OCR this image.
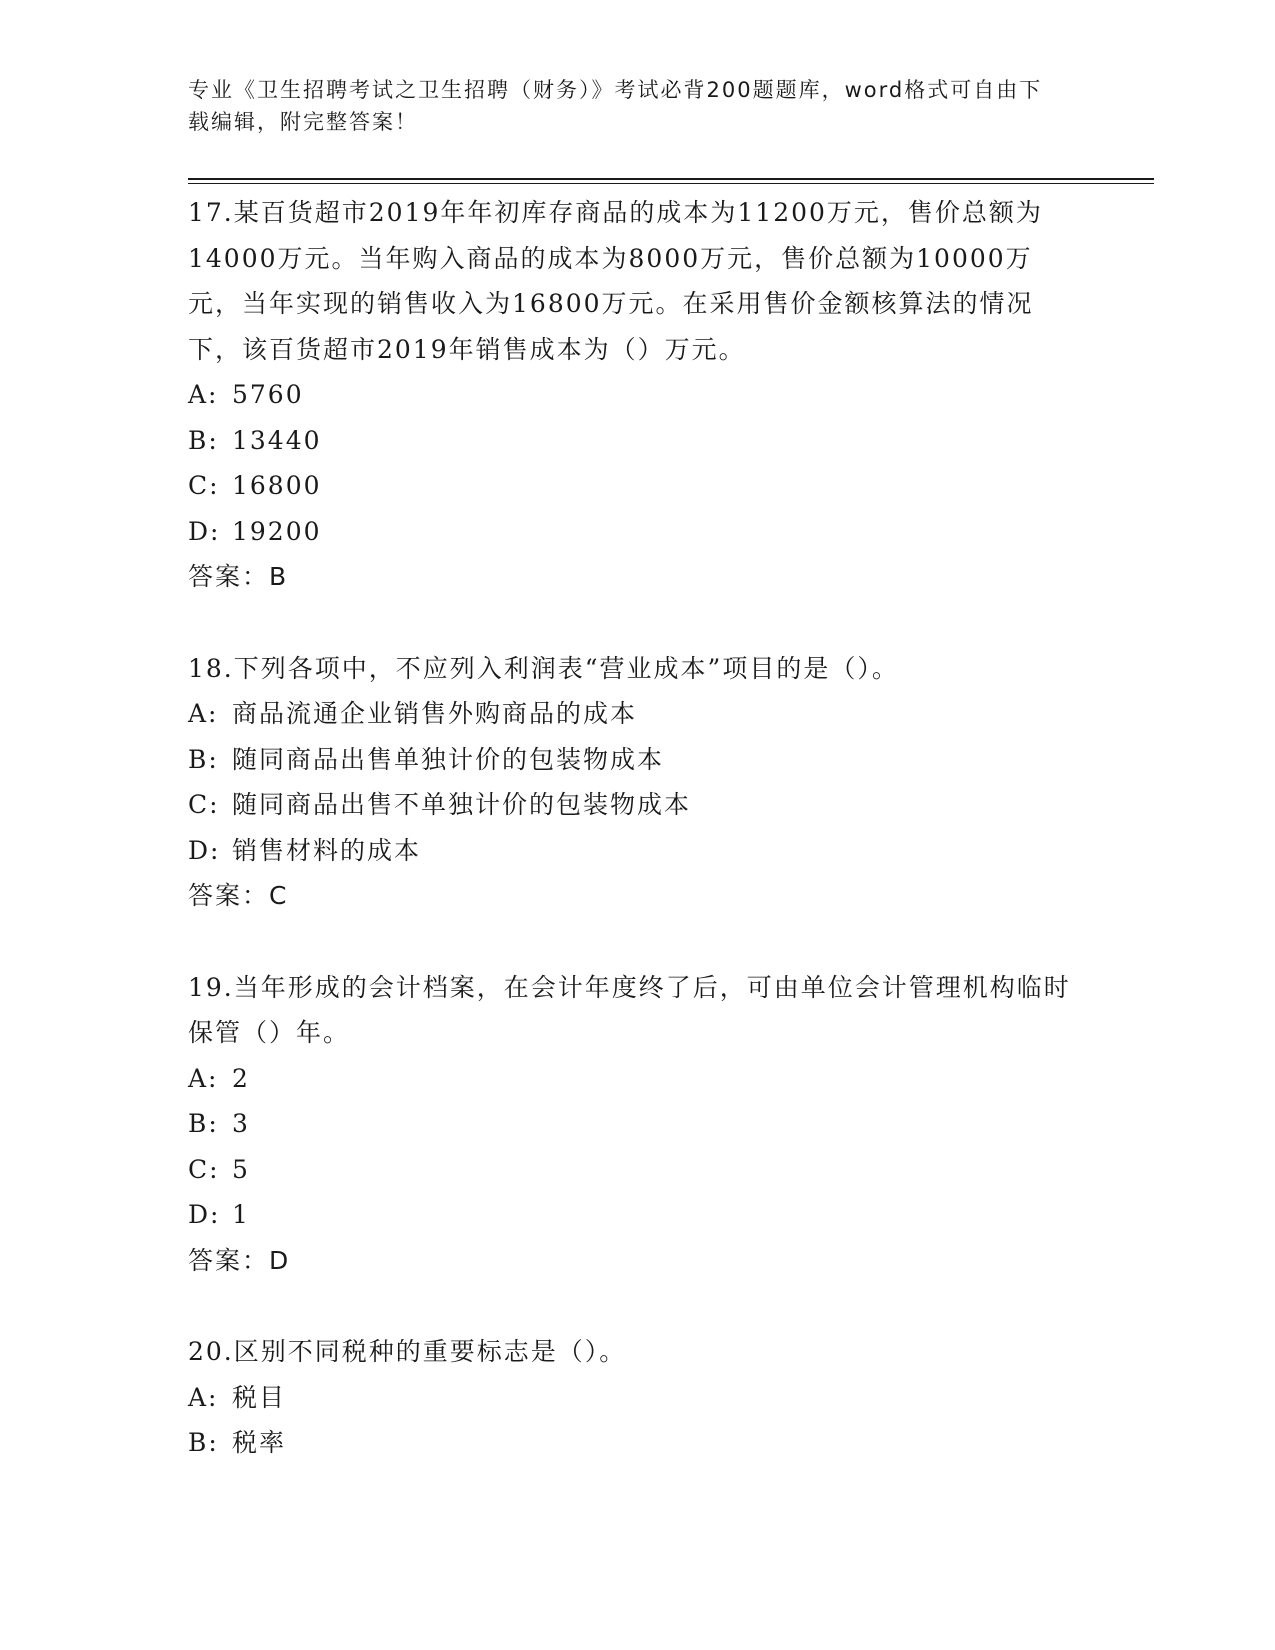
专业《卫生招聘考试之卫生招聘（财务）》考试必背200题题库，word格式可自由下载编辑，附完整答案！

17.某百货超市2019年年初库存商品的成本为11200万元，售价总额为14000万元。当年购入商品的成本为8000万元，售价总额为10000万元，当年实现的销售收入为16800万元。在采用售价金额核算法的情况下，该百货超市2019年销售成本为（）万元。

A: 5760

B: 13440

C: 16800

D: 19200

答案：B

18.下列各项中，不应列入利润表“营业成本”项目的是（）。

A: 商品流通企业销售外购商品的成本

B: 随同商品出售单独计价的包装物成本

C: 随同商品出售不单独计价的包装物成本

D: 销售材料的成本

答案：C

19.当年形成的会计档案，在会计年度终了后，可由单位会计管理机构临时保管（）年。

A: 2

B: 3

C: 5

D: 1

答案：D

20.区别不同税种的重要标志是（）。

A: 税目

B: 税率
